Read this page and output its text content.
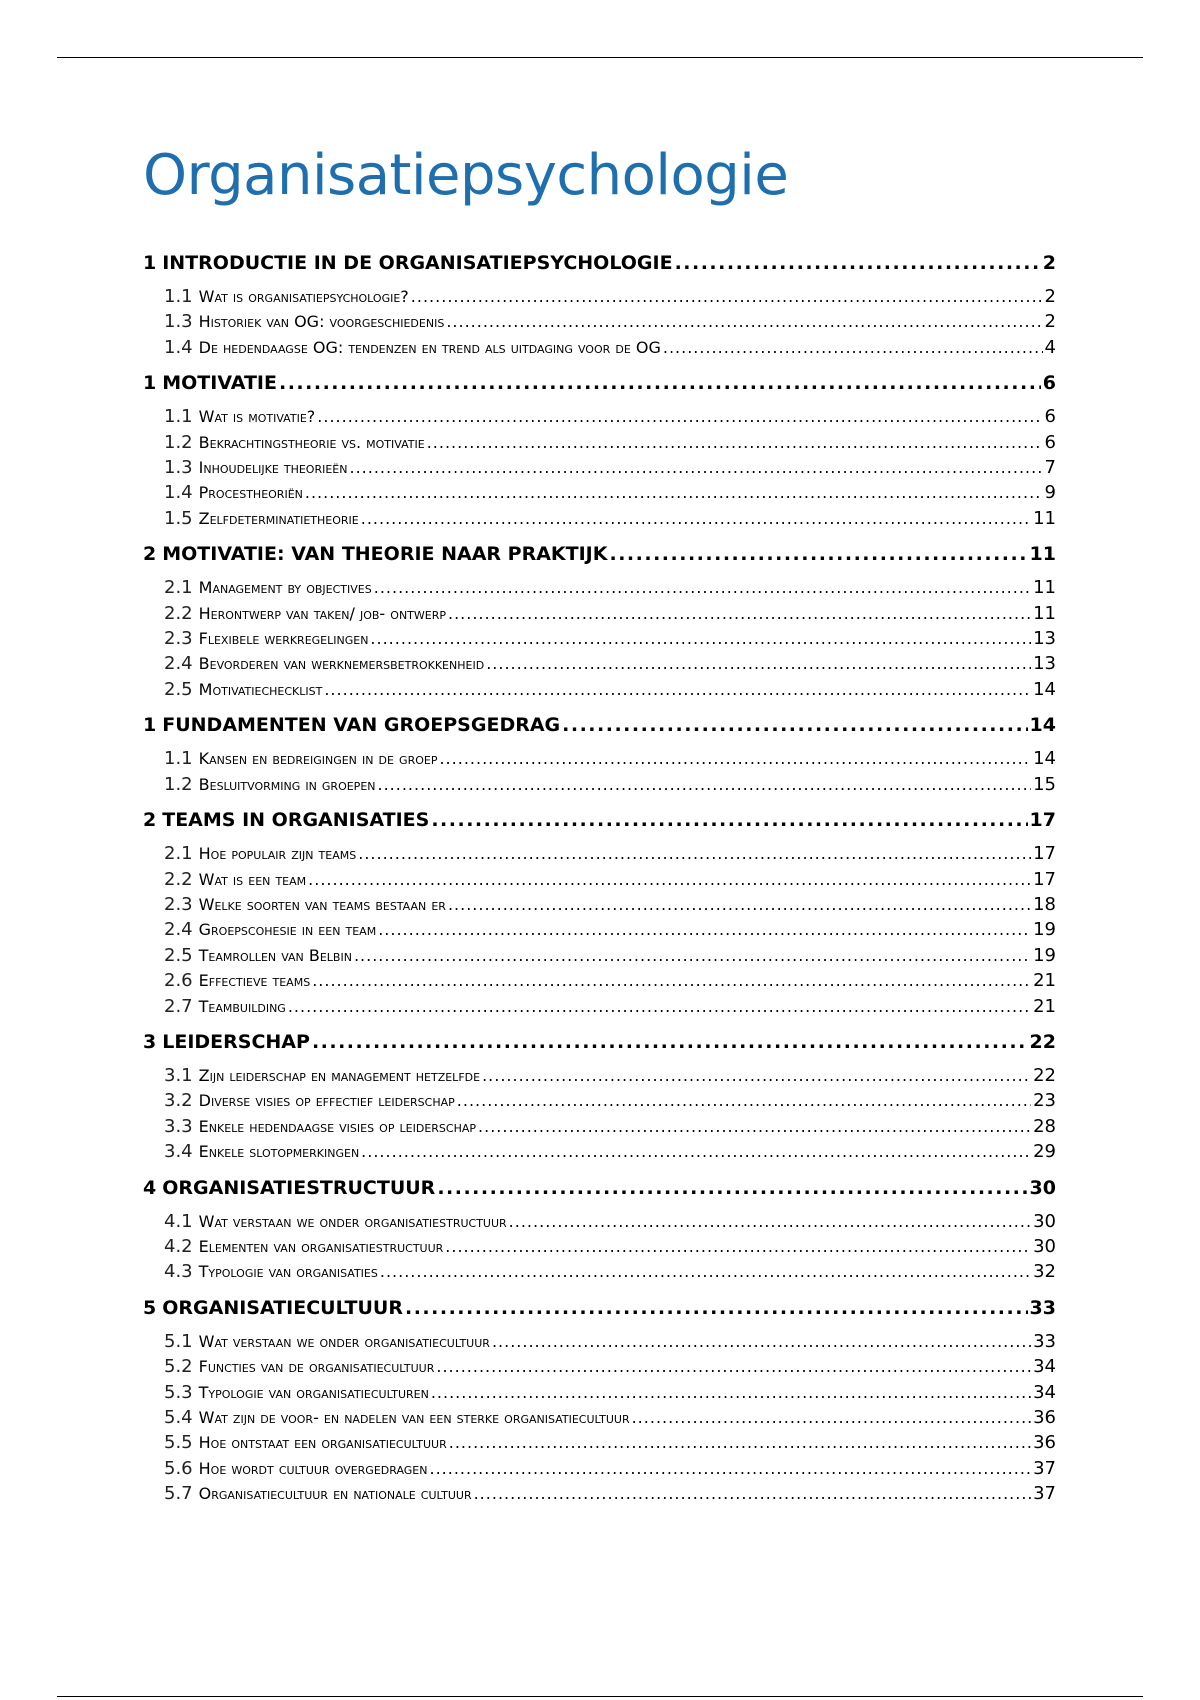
Organisatiepsychologie
1 INTRODUCTIE IN DE ORGANISATIEPSYCHOLOGIE .....	2
1.1 Wat is organisatiepsychologie? .....	2
1.3 Historiek van OG: voorgeschiedenis .....	2
1.4 De hedendaagse OG: tendenzen en trend als uitdaging voor de OG .....	4
1 MOTIVATIE .....	6
1.1 Wat is motivatie? .....	6
1.2 Bekrachtingstheorie vs. motivatie .....	6
1.3 Inhoudelijke theorieën .....	7
1.4 Procestheoriën .....	9
1.5 Zelfdeterminatietheorie .....	11
2 MOTIVATIE: VAN THEORIE NAAR PRAKTIJK .....	11
2.1 Management by objectives .....	11
2.2 Herontwerp van taken/ job- ontwerp .....	11
2.3 Flexibele werkregelingen .....	13
2.4 Bevorderen van werknemersbetrokkenheid .....	13
2.5 Motivatiechecklist .....	14
1 FUNDAMENTEN VAN GROEPSGEDRAG .....	14
1.1 Kansen en bedreigingen in de groep .....	14
1.2 Besluitvorming in groepen .....	15
2 TEAMS IN ORGANISATIES .....	17
2.1 Hoe populair zijn teams .....	17
2.2 Wat is een team .....	17
2.3 Welke soorten van teams bestaan er .....	18
2.4 Groepscohesie in een team .....	19
2.5 Teamrollen van Belbin .....	19
2.6 Effectieve teams .....	21
2.7 Teambuilding .....	21
3 LEIDERSCHAP .....	22
3.1 Zijn leiderschap en management hetzelfde .....	22
3.2 Diverse visies op effectief leiderschap .....	23
3.3 Enkele hedendaagse visies op leiderschap .....	28
3.4 Enkele slotopmerkingen .....	29
4 ORGANISATIESTRUCTUUR .....	30
4.1 Wat verstaan we onder organisatiestructuur .....	30
4.2 Elementen van organisatiestructuur .....	30
4.3 Typologie van organisaties .....	32
5 ORGANISATIECULTUUR .....	33
5.1 Wat verstaan we onder organisatiecultuur .....	33
5.2 Functies van de organisatiecultuur .....	34
5.3 Typologie van organisatieculturen .....	34
5.4 Wat zijn de voor- en nadelen van een sterke organisatiecultuur .....	36
5.5 Hoe ontstaat een organisatiecultuur .....	36
5.6 Hoe wordt cultuur overgedragen .....	37
5.7 Organisatiecultuur en nationale cultuur .....	37
